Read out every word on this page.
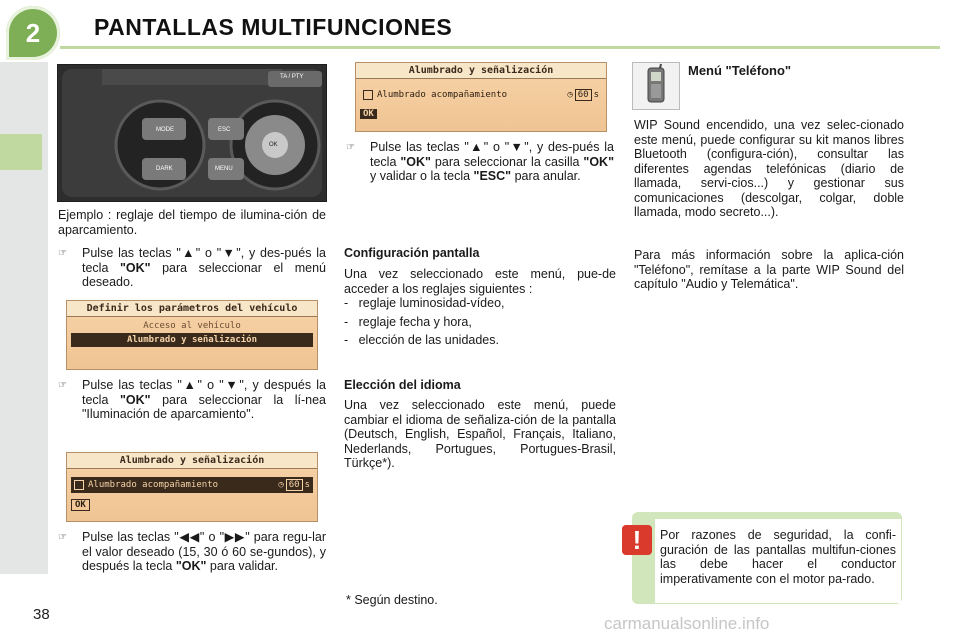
2	PANTALLAS MULTIFUNCIONES
MODE
DARK
ESC
MENU
OK
TA / PTY
Ejemplo : reglaje del tiempo de ilumina-ción de aparcamiento.
☞	Pulse las teclas "▲" o "▼", y des-pués la tecla "OK" para seleccionar el menú deseado.
Definir los parámetros del vehículo
Acceso al vehículo
Alumbrado y señalización
☞	Pulse las teclas "▲" o "▼", y después la tecla "OK" para seleccionar la lí-nea "Iluminación de aparcamiento".
Alumbrado y señalización
Alumbrado acompañamiento	◷ 60 s
OK
☞	Pulse las teclas "◀◀" o "▶▶" para regu-lar el valor deseado (15, 30 ó 60 se-gundos), y después la tecla "OK" para validar.
Alumbrado y señalización
Alumbrado acompañamiento	◷ 60 s
OK
☞	Pulse las teclas "▲" o "▼", y des-pués la tecla "OK" para seleccionar la casilla "OK" y validar o la tecla "ESC" para anular.
Configuración pantalla
Una vez seleccionado este menú, pue-de acceder a los reglajes siguientes :
-   reglaje luminosidad-vídeo,
-   reglaje fecha y hora,
-   elección de las unidades.
Elección del idioma
Una vez seleccionado este menú, puede cambiar el idioma de señaliza-ción de la pantalla (Deutsch, English, Español, Français, Italiano, Nederlands, Portugues, Portugues-Brasil, Türkçe*).
* Según destino.
Menú "Teléfono"
WIP Sound encendido, una vez selec-cionado este menú, puede configurar su kit manos libres Bluetooth (configura-ción), consultar las diferentes agendas telefónicas (diario de llamada, servi-cios...) y gestionar sus comunicaciones (descolgar, colgar, doble llamada, modo secreto...).
Para más información sobre la aplica-ción "Teléfono", remítase a la parte WIP Sound del capítulo "Audio y Telemática".
!	Por razones de seguridad, la confi-guración de las pantallas multifun-ciones las debe hacer el conductor imperativamente con el motor pa-rado.
38	carmanualsonline.info
